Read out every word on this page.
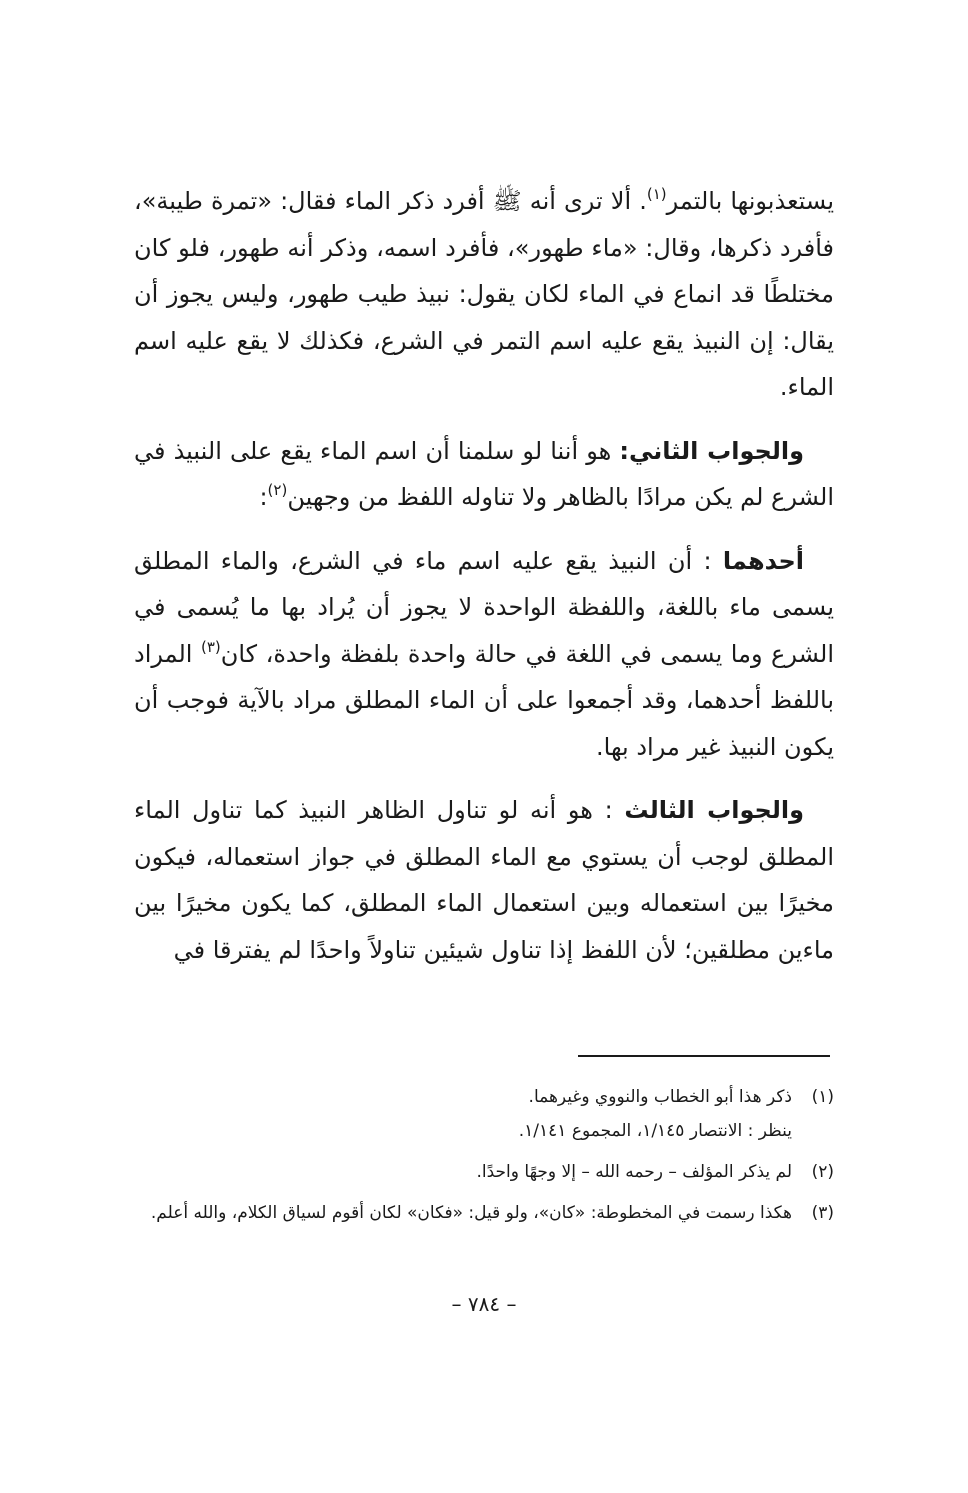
يستعذبونها بالتمر$^{(١)}$. ألا ترى أنه ﷺ أفرد ذكر الماء فقال: «تمرة طيبة»، فأفرد ذكرها، وقال: «ماء طهور»، فأفرد اسمه، وذكر أنه طهور، فلو كان مختلطًا قد انماع في الماء لكان يقول: نبيذ طيب طهور، وليس يجوز أن يقال: إن النبيذ يقع عليه اسم التمر في الشرع، فكذلك لا يقع عليه اسم الماء.

والجواب الثاني: هو أننا لو سلمنا أن اسم الماء يقع على النبيذ في الشرع لم يكن مرادًا بالظاهر ولا تناوله اللفظ من وجهين$^{(٢)}$:

أحدهما : أن النبيذ يقع عليه اسم ماء في الشرع، والماء المطلق يسمى ماء باللغة، واللفظة الواحدة لا يجوز أن يُراد بها ما يُسمى في الشرع وما يسمى في اللغة في حالة واحدة بلفظة واحدة، كان$^{(٣)}$ المراد باللفظ أحدهما، وقد أجمعوا على أن الماء المطلق مراد بالآية فوجب أن يكون النبيذ غير مراد بها.

والجواب الثالث : هو أنه لو تناول الظاهر النبيذ كما تناول الماء المطلق لوجب أن يستوي مع الماء المطلق في جواز استعماله، فيكون مخيرًا بين استعماله وبين استعمال الماء المطلق، كما يكون مخيرًا بين ماءين مطلقين؛ لأن اللفظ إذا تناول شيئين تناولاً واحدًا لم يفترقا في

(١)
ذكر هذا أبو الخطاب والنووي وغيرهما.
ينظر : الانتصار ١/١٤٥، المجموع ١/١٤١.
(٢)
لم يذكر المؤلف – رحمه الله – إلا وجهًا واحدًا.
(٣)
هكذا رسمت في المخطوطة: «كان»، ولو قيل: «فكان» لكان أقوم لسياق الكلام، والله أعلم.
– ٧٨٤ –
